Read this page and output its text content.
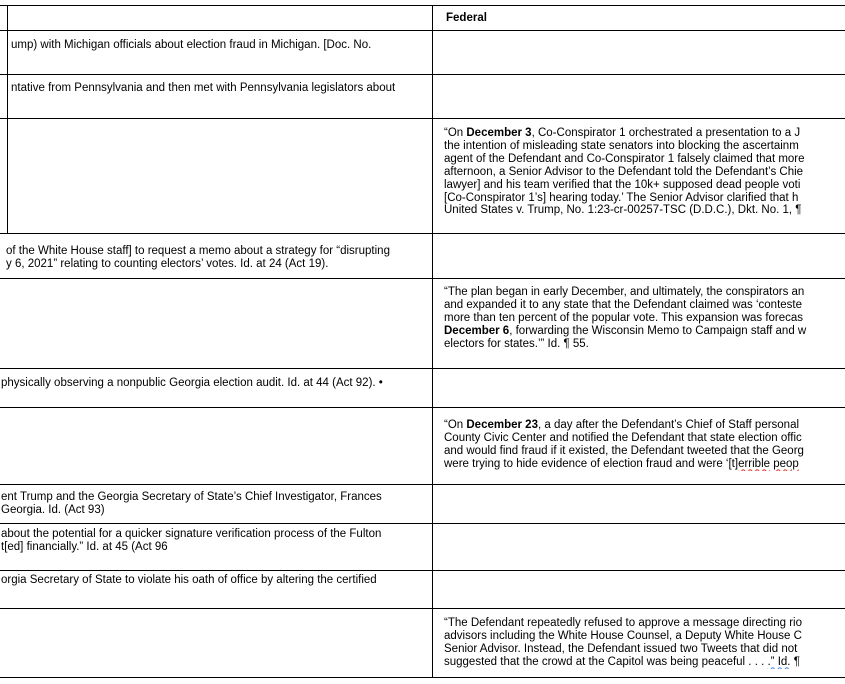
Federal
ump) with Michigan officials about election fraud in Michigan. [Doc. No.
ntative from Pennsylvania and then met with Pennsylvania legislators about
of the White House staff] to request a memo about a strategy for “disrupting
y 6, 2021” relating to counting electors’ votes. Id. at 24 (Act 19).
physically observing a nonpublic Georgia election audit. Id. at 44 (Act 92). •
ent Trump and the Georgia Secretary of State’s Chief Investigator, Frances
Georgia. Id. (Act 93)
about the potential for a quicker signature verification process of the Fulton
t[ed] financially.” Id. at 45 (Act 96
orgia Secretary of State to violate his oath of office by altering the certified
“On December 3, Co-Conspirator 1 orchestrated a presentation to a J
the intention of misleading state senators into blocking the ascertainm
agent of the Defendant and Co-Conspirator 1 falsely claimed that more
afternoon, a Senior Advisor to the Defendant told the Defendant’s Chie
lawyer] and his team verified that the 10k+ supposed dead people voti
[Co-Conspirator 1’s] hearing today.’ The Senior Advisor clarified that h
United States v. Trump, No. 1:23-cr-00257-TSC (D.D.C.), Dkt. No. 1, ¶
“The plan began in early December, and ultimately, the conspirators an
and expanded it to any state that the Defendant claimed was ‘conteste
more than ten percent of the popular vote. This expansion was forecas
December 6, forwarding the Wisconsin Memo to Campaign staff and w
electors for states.’” Id. ¶ 55.
“On December 23, a day after the Defendant’s Chief of Staff personal
County Civic Center and notified the Defendant that state election offic
and would find fraud if it existed, the Defendant tweeted that the Georg
were trying to hide evidence of election fraud and were ‘[t]errible peop
“The Defendant repeatedly refused to approve a message directing rio
advisors including the White House Counsel, a Deputy White House C
Senior Advisor. Instead, the Defendant issued two Tweets that did not
suggested that the crowd at the Capitol was being peaceful . . . .” Id. ¶
